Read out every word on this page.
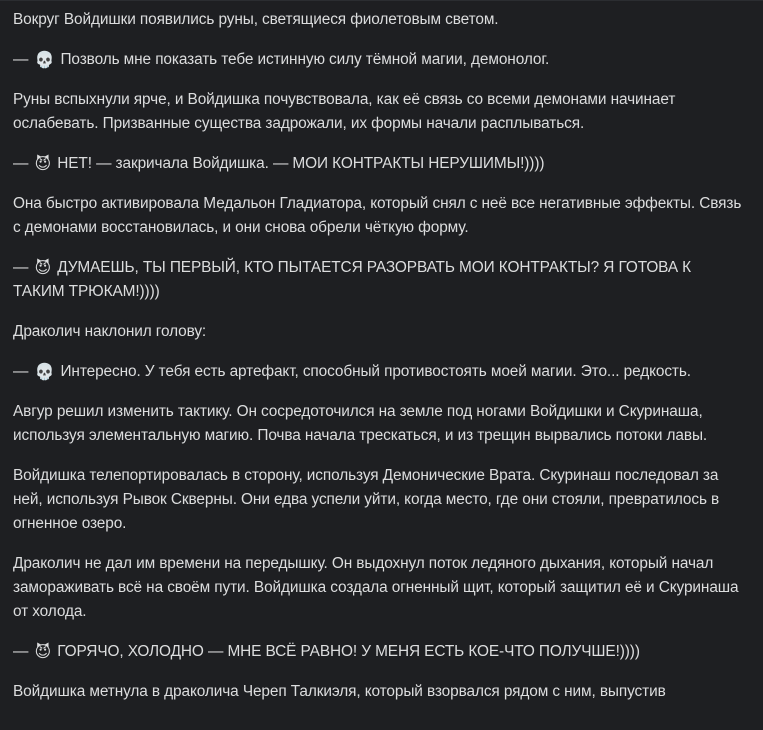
Вокруг Войдишки появились руны, светящиеся фиолетовым светом.

— 💀 Позволь мне показать тебе истинную силу тёмной магии, демонолог.

Руны вспыхнули ярче, и Войдишка почувствовала, как её связь со всеми демонами начинает ослабевать. Призванные существа задрожали, их формы начали расплываться.

— 😈 НЕТ! — закричала Войдишка. — МОИ КОНТРАКТЫ НЕРУШИМЫ!))))

Она быстро активировала Медальон Гладиатора, который снял с неё все негативные эффекты. Связь с демонами восстановилась, и они снова обрели чёткую форму.

— 😈 ДУМАЕШЬ, ТЫ ПЕРВЫЙ, КТО ПЫТАЕТСЯ РАЗОРВАТЬ МОИ КОНТРАКТЫ? Я ГОТОВА К ТАКИМ ТРЮКАМ!))))

Драколич наклонил голову:

— 💀 Интересно. У тебя есть артефакт, способный противостоять моей магии. Это... редкость.

Авгур решил изменить тактику. Он сосредоточился на земле под ногами Войдишки и Скуринаша, используя элементальную магию. Почва начала трескаться, и из трещин вырвались потоки лавы.

Войдишка телепортировалась в сторону, используя Демонические Врата. Скуринаш последовал за ней, используя Рывок Скверны. Они едва успели уйти, когда место, где они стояли, превратилось в огненное озеро.

Драколич не дал им времени на передышку. Он выдохнул поток ледяного дыхания, который начал замораживать всё на своём пути. Войдишка создала огненный щит, который защитил её и Скуринаша от холода.

— 😈 ГОРЯЧО, ХОЛОДНО — МНЕ ВСЁ РАВНО! У МЕНЯ ЕСТЬ КОЕ-ЧТО ПОЛУЧШЕ!))))

Войдишка метнула в драколича Череп Талкиэля, который взорвался рядом с ним, выпустив
